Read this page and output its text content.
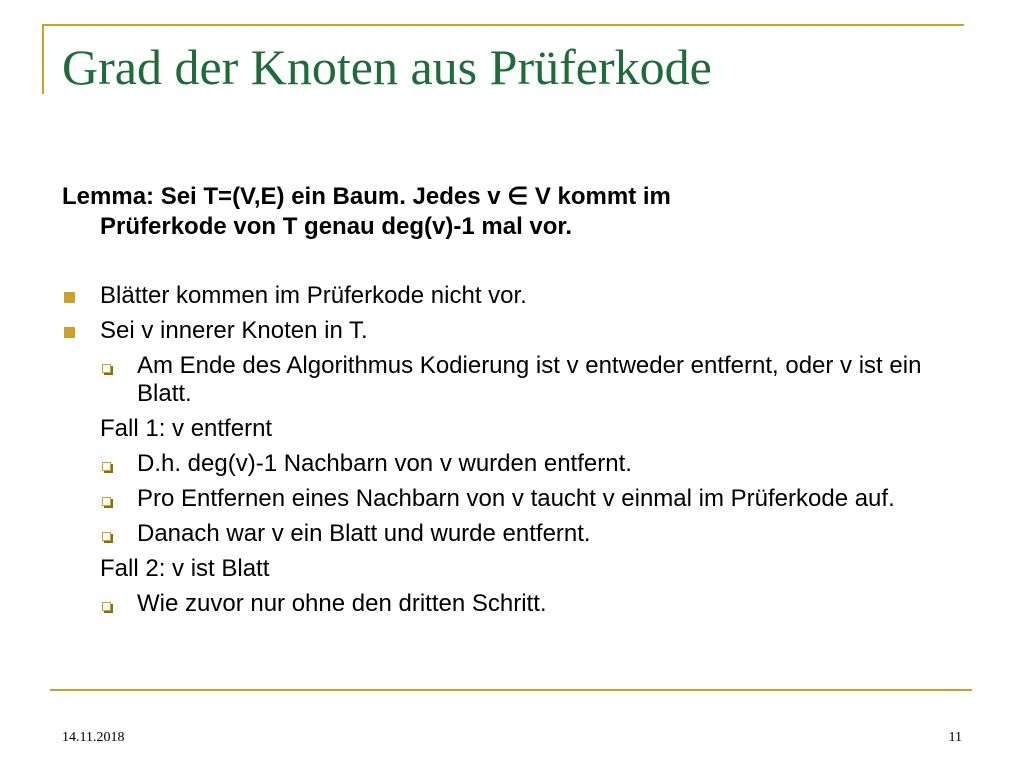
Grad der Knoten aus Prüferkode
Lemma: Sei T=(V,E) ein Baum. Jedes v ∈ V kommt im
Prüferkode von T genau deg(v)-1 mal vor.
Blätter kommen im Prüferkode nicht vor.
Sei v innerer Knoten in T.
Am Ende des Algorithmus Kodierung ist v entweder entfernt, oder v ist ein Blatt.
Fall 1: v entfernt
D.h. deg(v)-1 Nachbarn von v wurden entfernt.
Pro Entfernen eines Nachbarn von v taucht v einmal im Prüferkode auf.
Danach war v ein Blatt und wurde entfernt.
Fall 2: v ist Blatt
Wie zuvor nur ohne den dritten Schritt.
14.11.2018	11
